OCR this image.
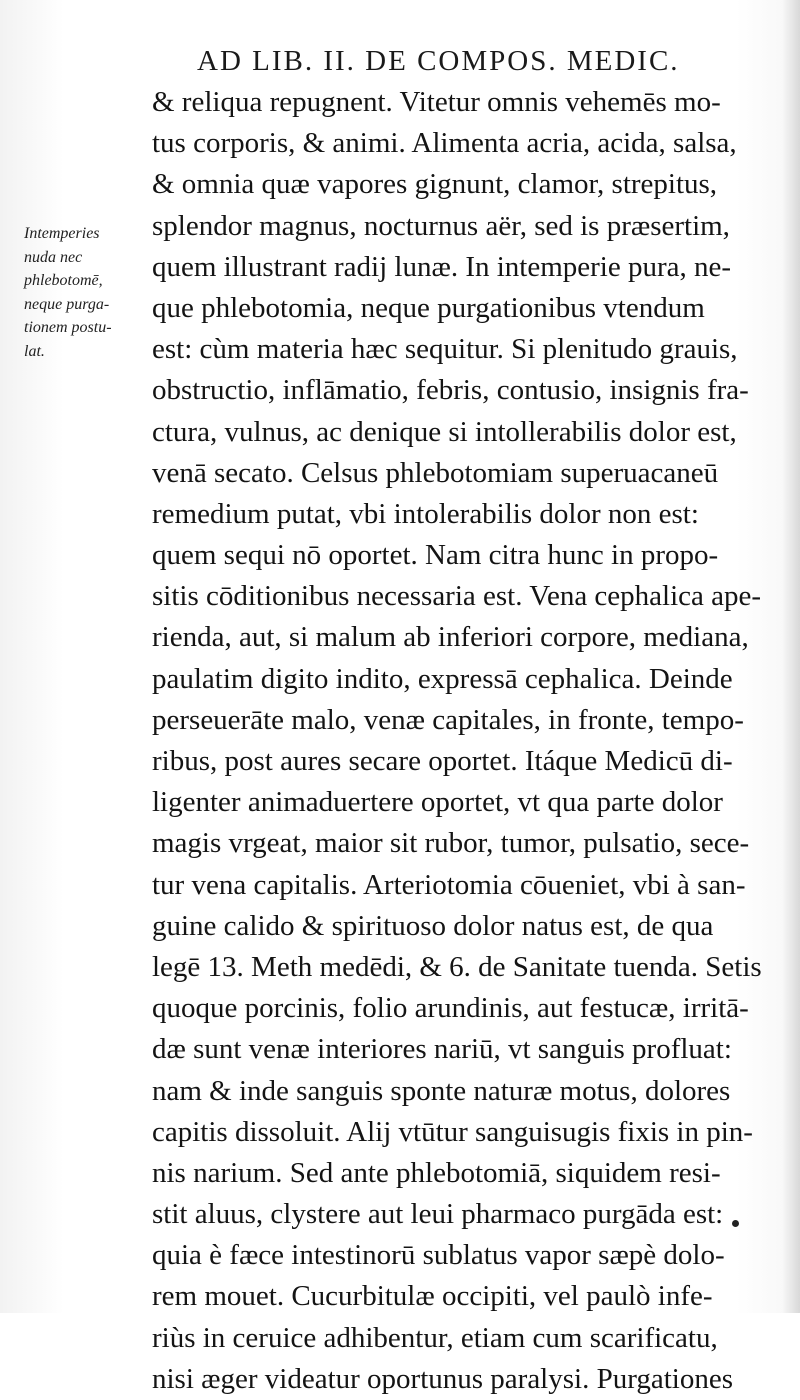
AD LIB. II. DE COMPOS. MEDIC.
Intemperies
nuda nec
phlebotomē,
neque purga-
tionem postu-
lat.
& reliqua repugnent. Vitetur omnis vehemēs mo-
tus corporis, & animi. Alimenta acria, acida, salsa,
& omnia quæ vapores gignunt, clamor, strepitus,
splendor magnus, nocturnus aër, sed is præsertim,
quem illustrant radij lunæ. In intemperie pura, ne-
que phlebotomia, neque purgationibus vtendum
est: cùm materia hæc sequitur. Si plenitudo grauis,
obstructio, inflāmatio, febris, contusio, insignis fra-
ctura, vulnus, ac denique si intollerabilis dolor est,
venā secato. Celsus phlebotomiam superuacaneū
remedium putat, vbi intolerabilis dolor non est:
quem sequi nō oportet. Nam citra hunc in propo-
sitis cōditionibus necessaria est. Vena cephalica ape-
rienda, aut, si malum ab inferiori corpore, mediana,
paulatim digito indito, expressā cephalica. Deinde
perseuerāte malo, venæ capitales, in fronte, tempo-
ribus, post aures secare oportet. Itáque Medicū di-
ligenter animaduertere oportet, vt qua parte dolor
magis vrgeat, maior sit rubor, tumor, pulsatio, sece-
tur vena capitalis. Arteriotomia cōueniet, vbi à san-
guine calido & spirituoso dolor natus est, de qua
legē 13. Meth medēdi, & 6. de Sanitate tuenda. Setis
quoque porcinis, folio arundinis, aut festucæ, irritā-
dæ sunt venæ interiores nariū, vt sanguis profluat:
nam & inde sanguis sponte naturæ motus, dolores
capitis dissoluit. Alij vtūtur sanguisugis fixis in pin-
nis narium. Sed ante phlebotomiā, siquidem resi-
stit aluus, clystere aut leui pharmaco purgāda est:
quia è fæce intestinorū sublatus vapor sæpè dolo-
rem mouet. Cucurbitulæ occipiti, vel paulò infe-
riùs in ceruice adhibentur, etiam cum scarificatu,
nisi æger videatur oportunus paralysi. Purgationes
